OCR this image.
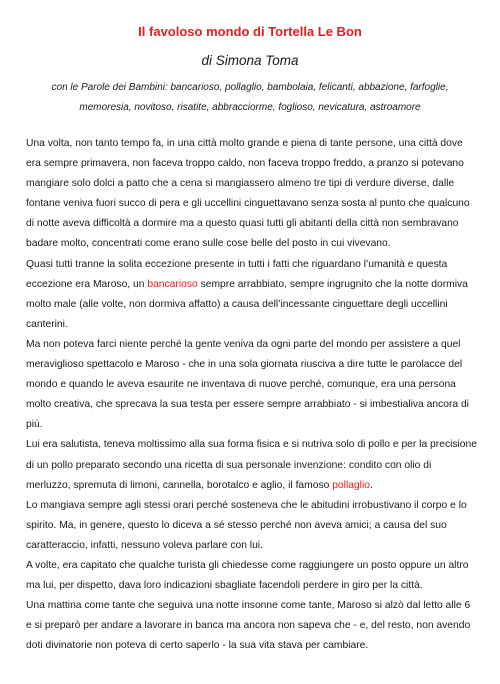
Il favoloso mondo di Tortella Le Bon
di Simona Toma
con le Parole dei Bambini: bancarioso, pollaglio, bambolaia, felicanti, abbazione, farfoglie,
memoresia, novitoso, risatite, abbracciorme, foglioso, nevicatura, astroamore

Una volta, non tanto tempo fa, in una città molto grande e piena di tante persone, una città dove era sempre primavera, non faceva troppo caldo, non faceva troppo freddo, a pranzo si potevano mangiare solo dolci a patto che a cena si mangiassero almeno tre tipi di verdure diverse, dalle fontane veniva fuori succo di pera e gli uccellini cinguettavano senza sosta al punto che qualcuno di notte aveva difficoltà a dormire ma a questo quasi tutti gli abitanti della città non sembravano badare molto, concentrati come erano sulle cose belle del posto in cui vivevano.

Quasi tutti tranne la solita eccezione presente in tutti i fatti che riguardano l’umanità e questa eccezione era Maroso, un bancarioso sempre arrabbiato, sempre ingrugnito che la notte dormiva molto male (alle volte, non dormiva affatto) a causa dell’incessante cinguettare degli uccellini canterini.

Ma non poteva farci niente perché la gente veniva da ogni parte del mondo per assistere a quel meraviglioso spettacolo e Maroso - che in una sola giornata riusciva a dire tutte le parolacce del mondo e quando le aveva esaurite ne inventava di nuove perché, comunque, era una persona molto creativa, che sprecava la sua testa per essere sempre arrabbiato - si imbestialiva ancora di più.

Lui era salutista, teneva moltissimo alla sua forma fisica e si nutriva solo di pollo e per la precisione di un pollo preparato secondo una ricetta di sua personale invenzione: condito con olio di merluzzo, spremuta di limoni, cannella, borotalco e aglio, il famoso pollaglio.

Lo mangiava sempre agli stessi orari perché sosteneva che le abitudini irrobustivano il corpo e lo spirito. Ma, in genere, questo lo diceva a sé stesso perché non aveva amici; a causa del suo caratteraccio, infatti, nessuno voleva parlare con lui.

A volte, era capitato che qualche turista gli chiedesse come raggiungere un posto oppure un altro ma lui, per dispetto, dava loro indicazioni sbagliate facendoli perdere in giro per la città.

Una mattina come tante che seguiva una notte insonne come tante, Maroso si alzò dal letto alle 6 e si preparò per andare a lavorare in banca ma ancora non sapeva che - e, del resto, non avendo doti divinatorie non poteva di certo saperlo - la sua vita stava per cambiare.
